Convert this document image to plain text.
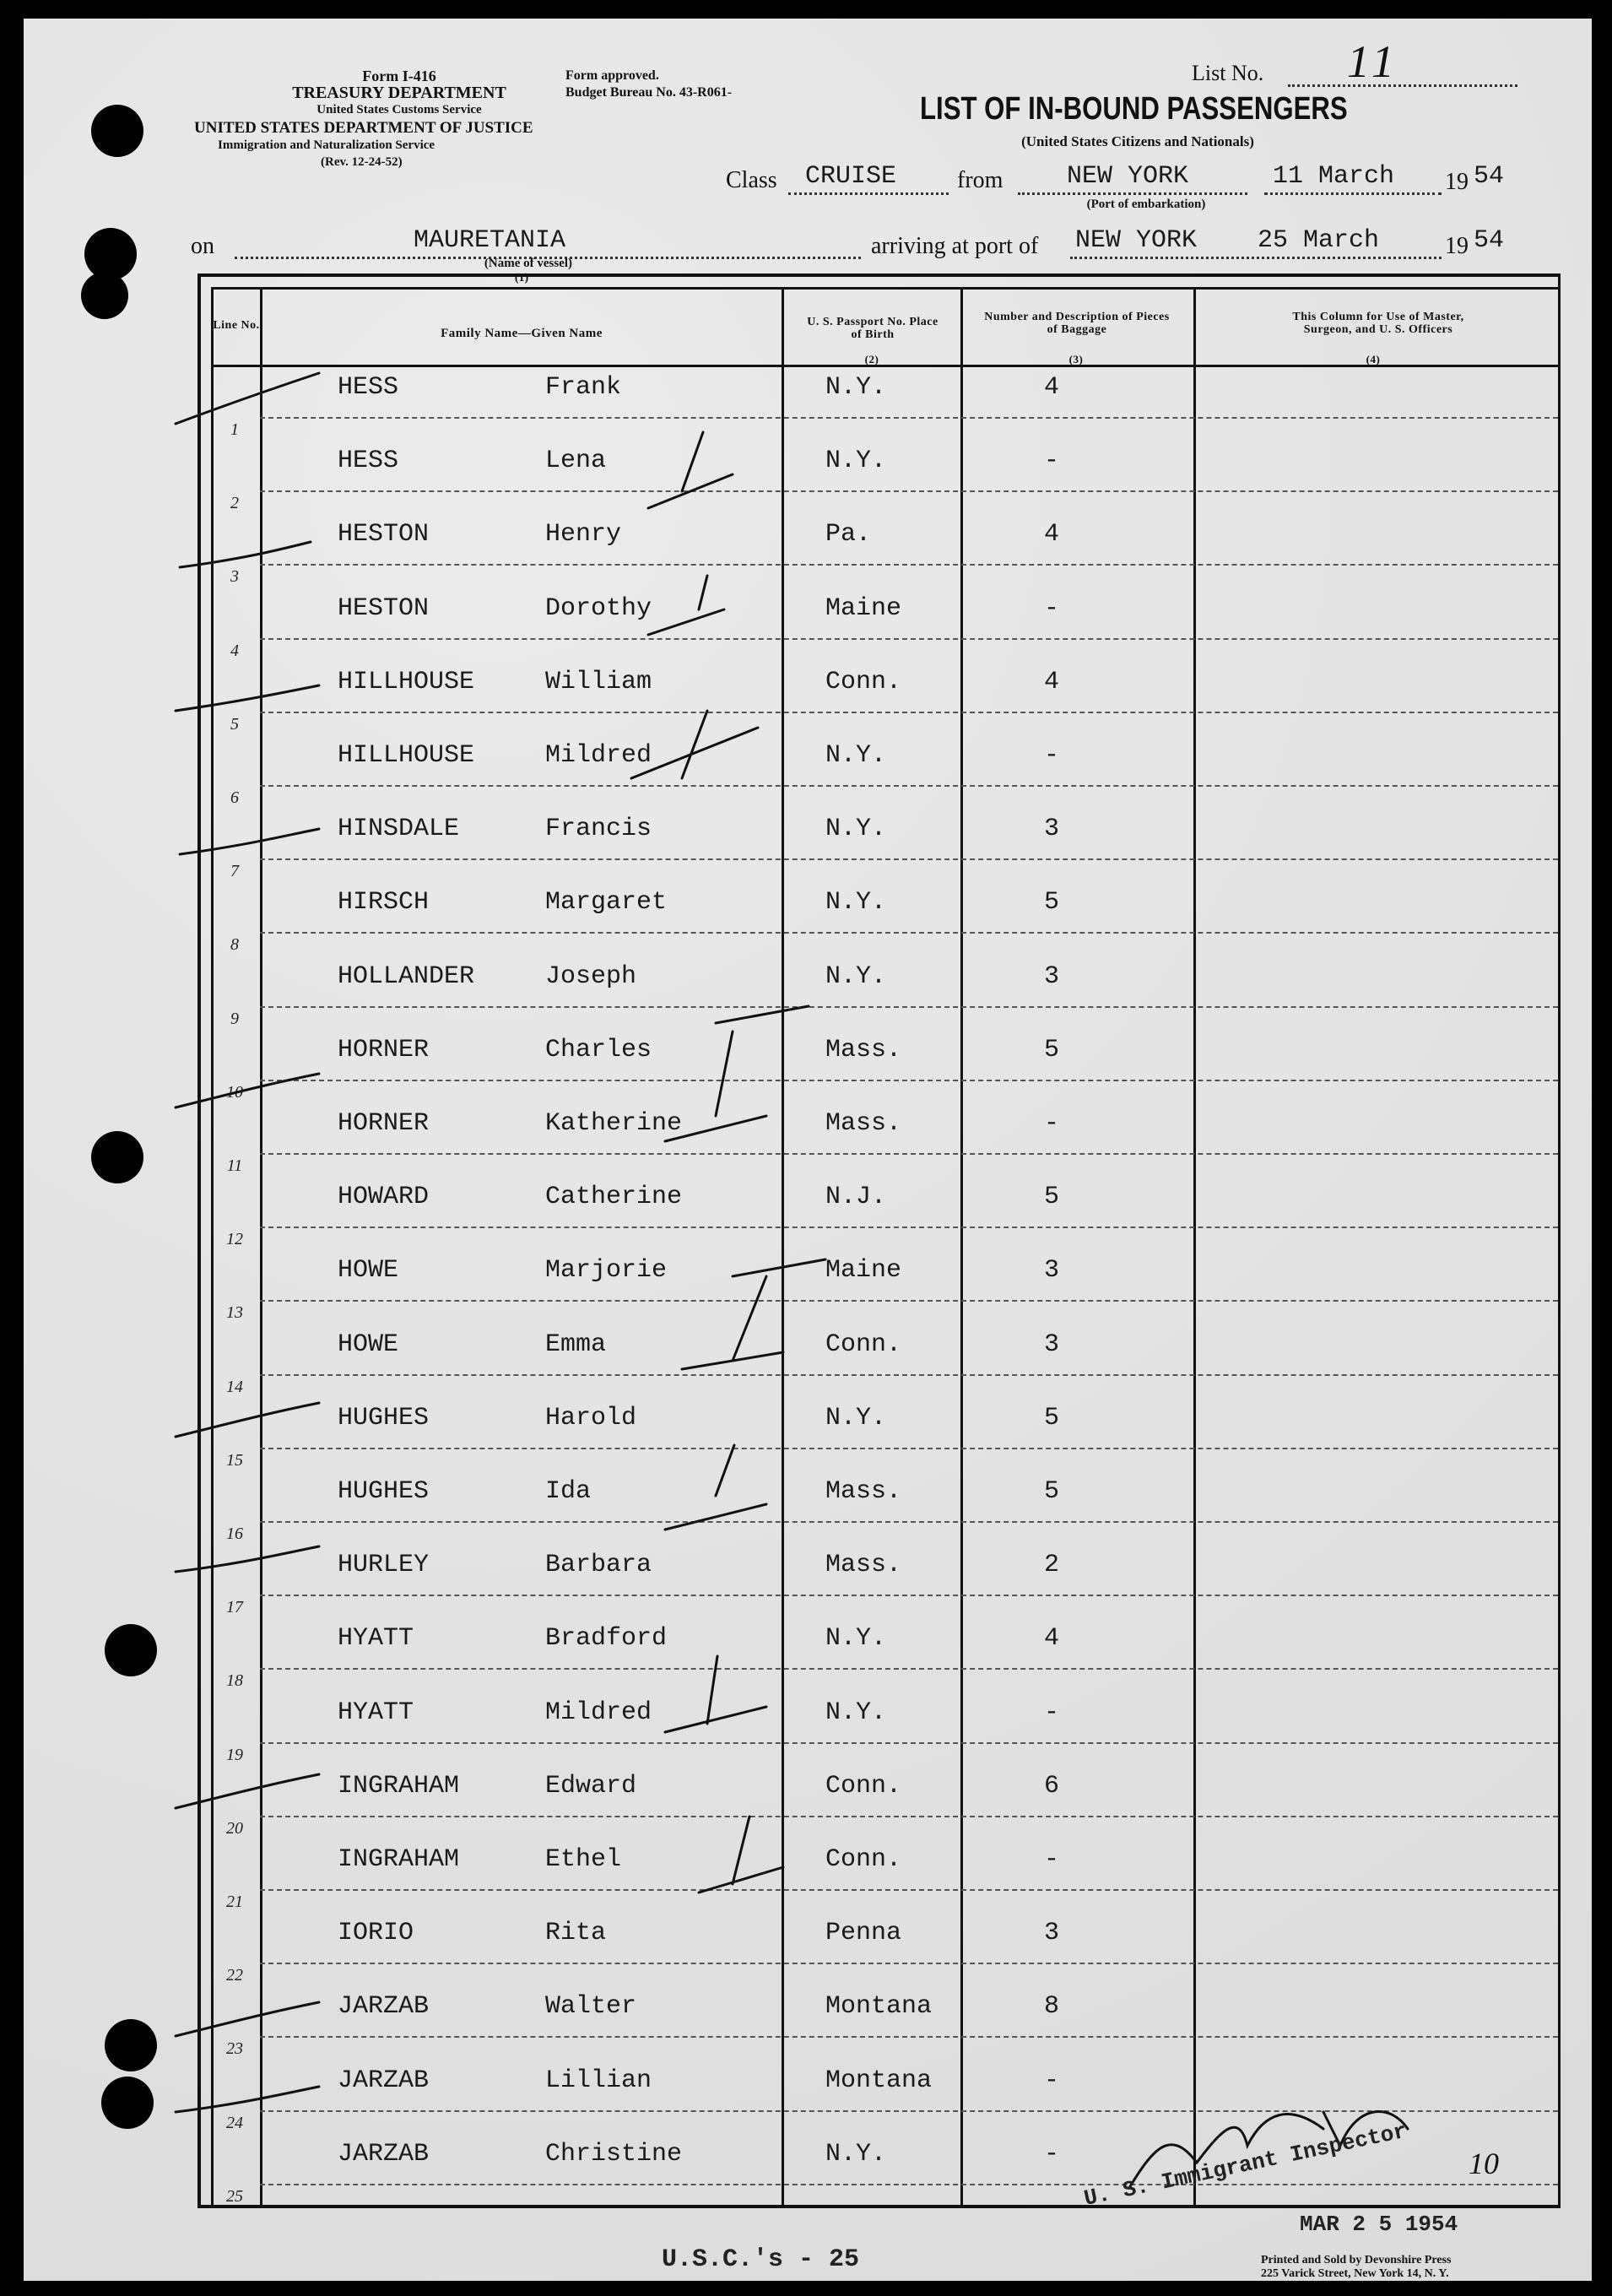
Form I-416
TREASURY DEPARTMENT
United States Customs Service
UNITED STATES DEPARTMENT OF JUSTICE
Immigration and Naturalization Service
(Rev. 12-24-52)
Form approved.
Budget Bureau No. 43-R061-
List No. 11
LIST OF IN-BOUND PASSENGERS
(United States Citizens and Nationals)
Class CRUISE	from	NEW YORK
(Port of embarkation)
11 March 19 54
on	MAURETANIA
(Name of vessel)
(1)
arriving at port of NEW YORK 25 March	19 54
Line No.
Family Name—Given Name
U. S. Passport No. Place of Birth
(2)
Number and Description of Pieces of Baggage
(3)
This Column for Use of Master, Surgeon, and U. S. Officers
(4)
1
HESS	Frank	N.Y.	4
2
HESS	Lena	N.Y.	-
3
HESTON	Henry	Pa.	4
4
HESTON	Dorothy	Maine	-
5
HILLHOUSE	William	Conn.	4
6
HILLHOUSE	Mildred	N.Y.	-
7
HINSDALE	Francis	N.Y.	3
8
HIRSCH	Margaret	N.Y.	5
9
HOLLANDER	Joseph	N.Y.	3
10
HORNER	Charles	Mass.	5
11
HORNER	Katherine	Mass.	-
12
HOWARD	Catherine	N.J.	5
13
HOWE	Marjorie	Maine	3
14
HOWE	Emma	Conn.	3
15
HUGHES	Harold	N.Y.	5
16
HUGHES	Ida	Mass.	5
17
HURLEY	Barbara	Mass.	2
18
HYATT	Bradford	N.Y.	4
19
HYATT	Mildred	N.Y.	-
20
INGRAHAM	Edward	Conn.	6
21
INGRAHAM	Ethel	Conn.	-
22
IORIO	Rita	Penna	3
23
JARZAB	Walter	Montana	8
24
JARZAB	Lillian	Montana	-
25
JARZAB	Christine	N.Y.	-
U.S.C.'s - 25
U. S. Immigrant Inspector
MAR 2 5 1954
10
Printed and Sold by Devonshire Press
225 Varick Street, New York 14, N. Y.
